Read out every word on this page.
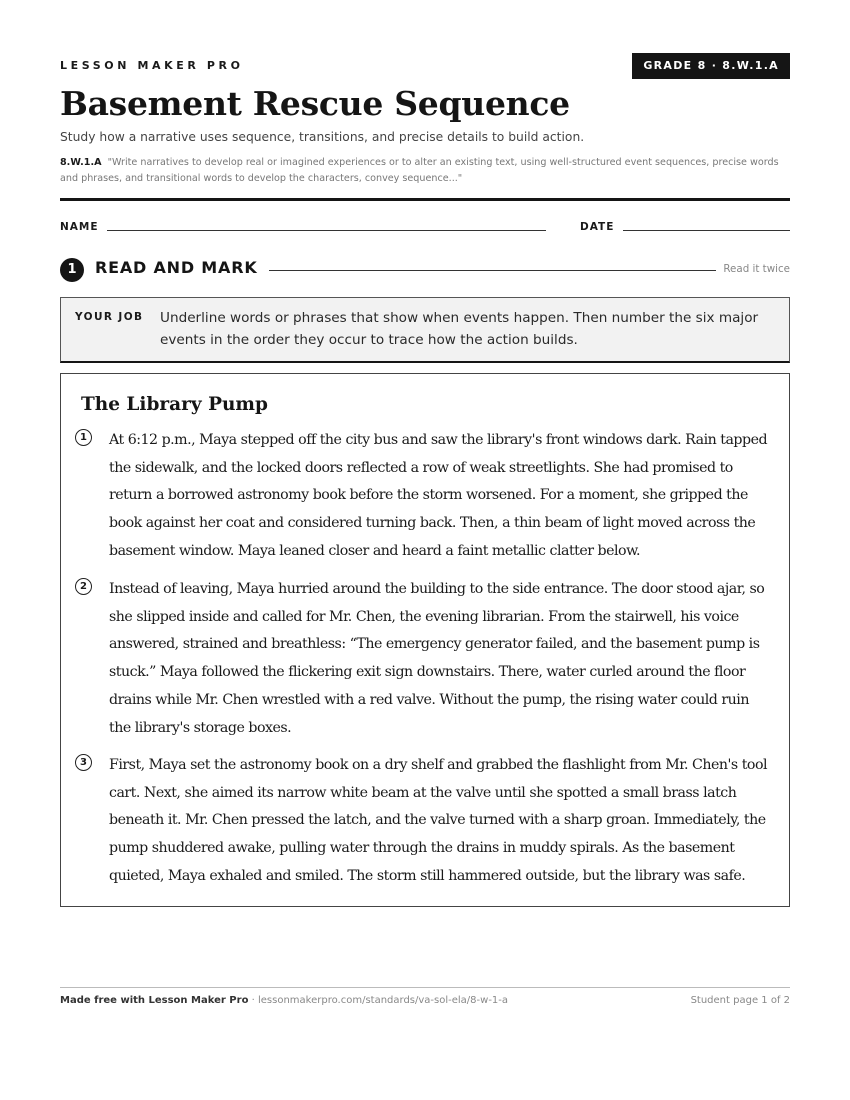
LESSON MAKER PRO	GRADE 8 · 8.W.1.A
Basement Rescue Sequence
Study how a narrative uses sequence, transitions, and precise details to build action.
8.W.1.A "Write narratives to develop real or imagined experiences or to alter an existing text, using well-structured event sequences, precise words and phrases, and transitional words to develop the characters, convey sequence..."
NAME	DATE
1	READ AND MARK	Read it twice
YOUR JOB Underline words or phrases that show when events happen. Then number the six major events in the order they occur to trace how the action builds.
The Library Pump
1	At 6:12 p.m., Maya stepped off the city bus and saw the library's front windows dark. Rain tapped the sidewalk, and the locked doors reflected a row of weak streetlights. She had promised to return a borrowed astronomy book before the storm worsened. For a moment, she gripped the book against her coat and considered turning back. Then, a thin beam of light moved across the basement window. Maya leaned closer and heard a faint metallic clatter below.

2	Instead of leaving, Maya hurried around the building to the side entrance. The door stood ajar, so she slipped inside and called for Mr. Chen, the evening librarian. From the stairwell, his voice answered, strained and breathless: “The emergency generator failed, and the basement pump is stuck.” Maya followed the flickering exit sign downstairs. There, water curled around the floor drains while Mr. Chen wrestled with a red valve. Without the pump, the rising water could ruin the library's storage boxes.

3	First, Maya set the astronomy book on a dry shelf and grabbed the flashlight from Mr. Chen's tool cart. Next, she aimed its narrow white beam at the valve until she spotted a small brass latch beneath it. Mr. Chen pressed the latch, and the valve turned with a sharp groan. Immediately, the pump shuddered awake, pulling water through the drains in muddy spirals. As the basement quieted, Maya exhaled and smiled. The storm still hammered outside, but the library was safe.

Made free with Lesson Maker Pro · lessonmakerpro.com/standards/va-sol-ela/8-w-1-a	Student page 1 of 2
